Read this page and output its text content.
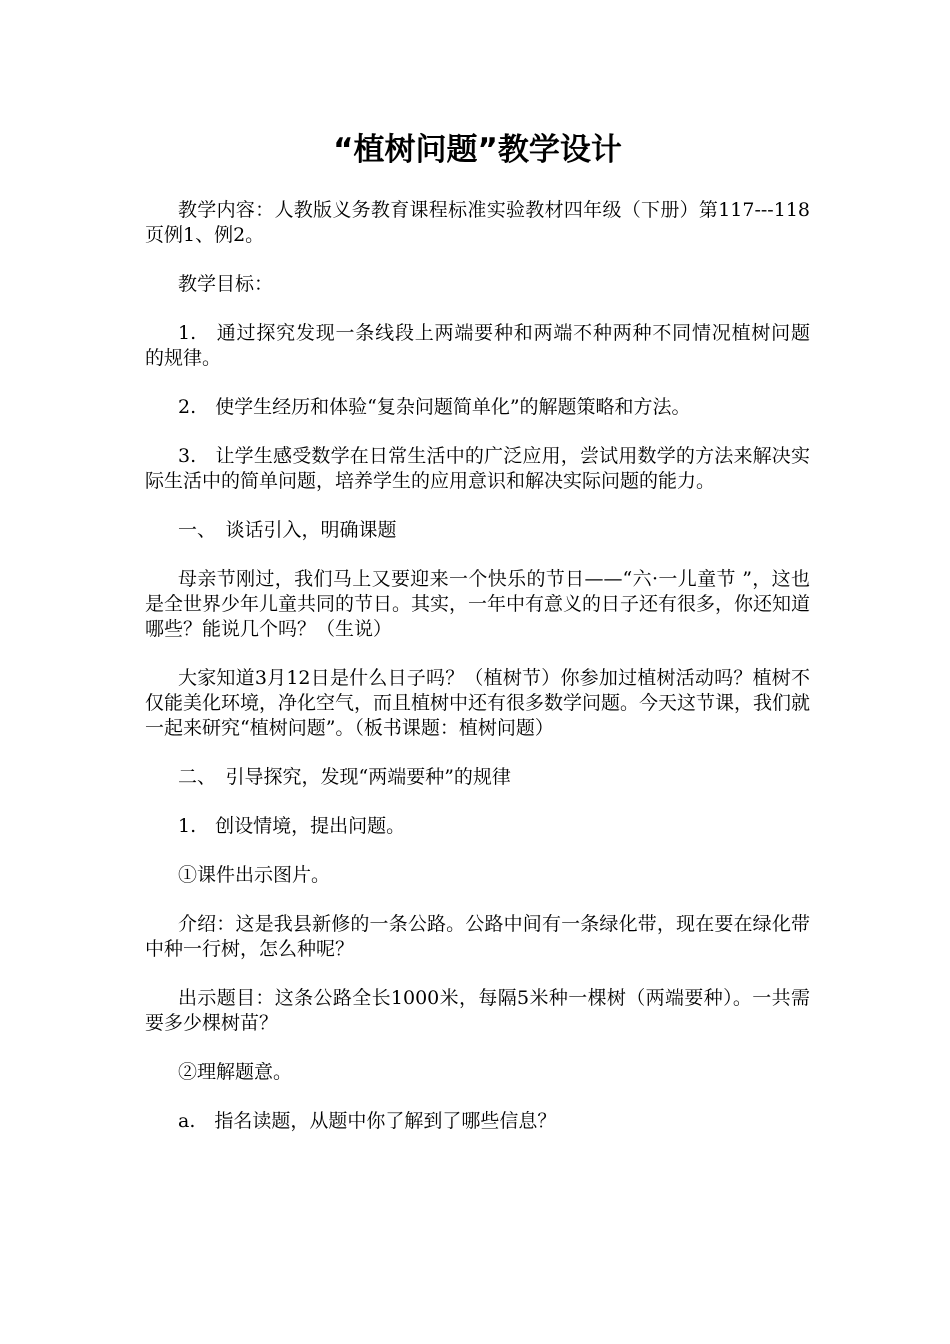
“植树问题”教学设计

教学内容：人教版义务教育课程标准实验教材四年级（下册）第117---118页例1、例2。

教学目标：

1.　通过探究发现一条线段上两端要种和两端不种两种不同情况植树问题 的规律。

2.　使学生经历和体验“复杂问题简单化”的解题策略和方法。

3.　让学生感受数学在日常生活中的广泛应用，尝试用数学的方法来解决实际生活中的简单问题，培养学生的应用意识和解决实际问题的能力。

一、　谈话引入，明确课题

母亲节刚过，我们马上又要迎来一个快乐的节日——“六·一儿童节 ”，这也是全世界少年儿童共同的节日。其实，一年中有意义的日子还有很多，你还知道哪些？能说几个吗？（生说）

大家知道3月12日是什么日子吗？（植树节）你参加过植树活动吗？植树不仅能美化环境，净化空气，而且植树中还有很多数学问题。今天这节课，我们就一起来研究“植树问题”。（板书课题：植树问题）

二、　引导探究，发现“两端要种”的规律

1.　创设情境，提出问题。

①课件出示图片。

介绍：这是我县新修的一条公路。公路中间有一条绿化带，现在要在绿化带中种一行树，怎么种呢？

出示题目：这条公路全长1000米，每隔5米种一棵树（两端要种）。一共需要多少棵树苗？

②理解题意。

a.　指名读题，从题中你了解到了哪些信息？
